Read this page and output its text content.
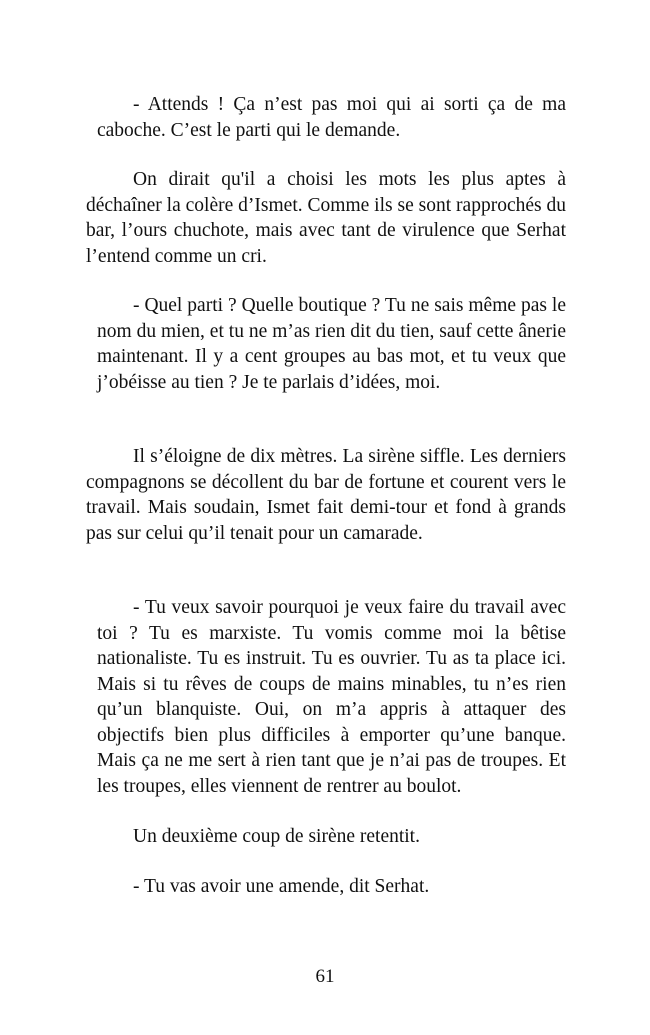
- Attends ! Ça n’est pas moi qui ai sorti ça de ma caboche. C’est le parti qui le demande.

On dirait qu'il a choisi les mots les plus aptes à déchaîner la colère d’Ismet. Comme ils se sont rapprochés du bar, l’ours chuchote, mais avec tant de virulence que Serhat l’entend comme un cri.

- Quel parti ? Quelle boutique ? Tu ne sais même pas le nom du mien, et tu ne m’as rien dit du tien, sauf cette ânerie maintenant. Il y a cent groupes au bas mot, et tu veux que j’obéisse au tien ? Je te parlais d’idées, moi.

Il s’éloigne de dix mètres. La sirène siffle. Les derniers compagnons se décollent du bar de fortune et courent vers le travail. Mais soudain, Ismet fait demi-tour et fond à grands pas sur celui qu’il tenait pour un camarade.

- Tu veux savoir pourquoi je veux faire du travail avec toi ? Tu es marxiste. Tu vomis comme moi la bêtise nationaliste. Tu es instruit. Tu es ouvrier. Tu as ta place ici. Mais si tu rêves de coups de mains minables, tu n’es rien qu’un blanquiste. Oui, on m’a appris à attaquer des objectifs bien plus difficiles à emporter qu’une banque. Mais ça ne me sert à rien tant que je n’ai pas de troupes. Et les troupes, elles viennent de rentrer au boulot.

Un deuxième coup de sirène retentit.

- Tu vas avoir une amende, dit Serhat.

61
